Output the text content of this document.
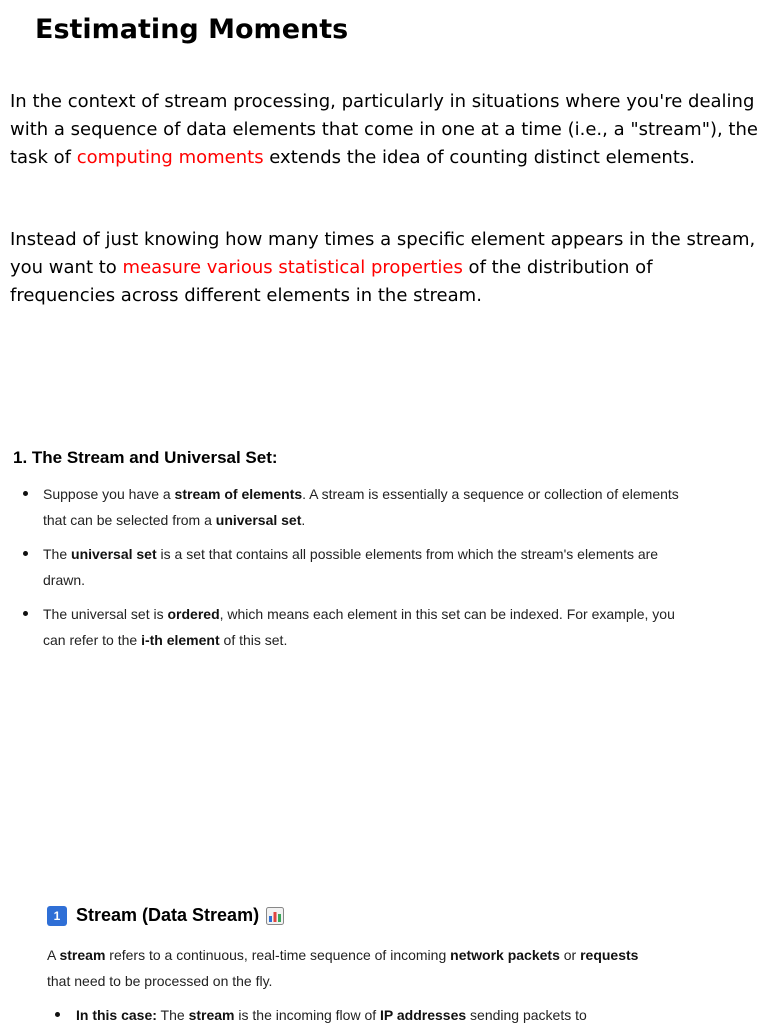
Estimating Moments

In the context of stream processing, particularly in situations where you're dealing with a sequence of data elements that come in one at a time (i.e., a "stream"), the task of computing moments extends the idea of counting distinct elements.

Instead of just knowing how many times a specific element appears in the stream, you want to measure various statistical properties of the distribution of frequencies across different elements in the stream.

1. The Stream and Universal Set:
Suppose you have a stream of elements. A stream is essentially a sequence or collection of elements that can be selected from a universal set.
The universal set is a set that contains all possible elements from which the stream's elements are drawn.
The universal set is ordered, which means each element in this set can be indexed. For example, you can refer to the i-th element of this set.
1 Stream (Data Stream)

A stream refers to a continuous, real-time sequence of incoming network packets or requests that need to be processed on the fly.

In this case: The stream is the incoming flow of IP addresses sending packets to
